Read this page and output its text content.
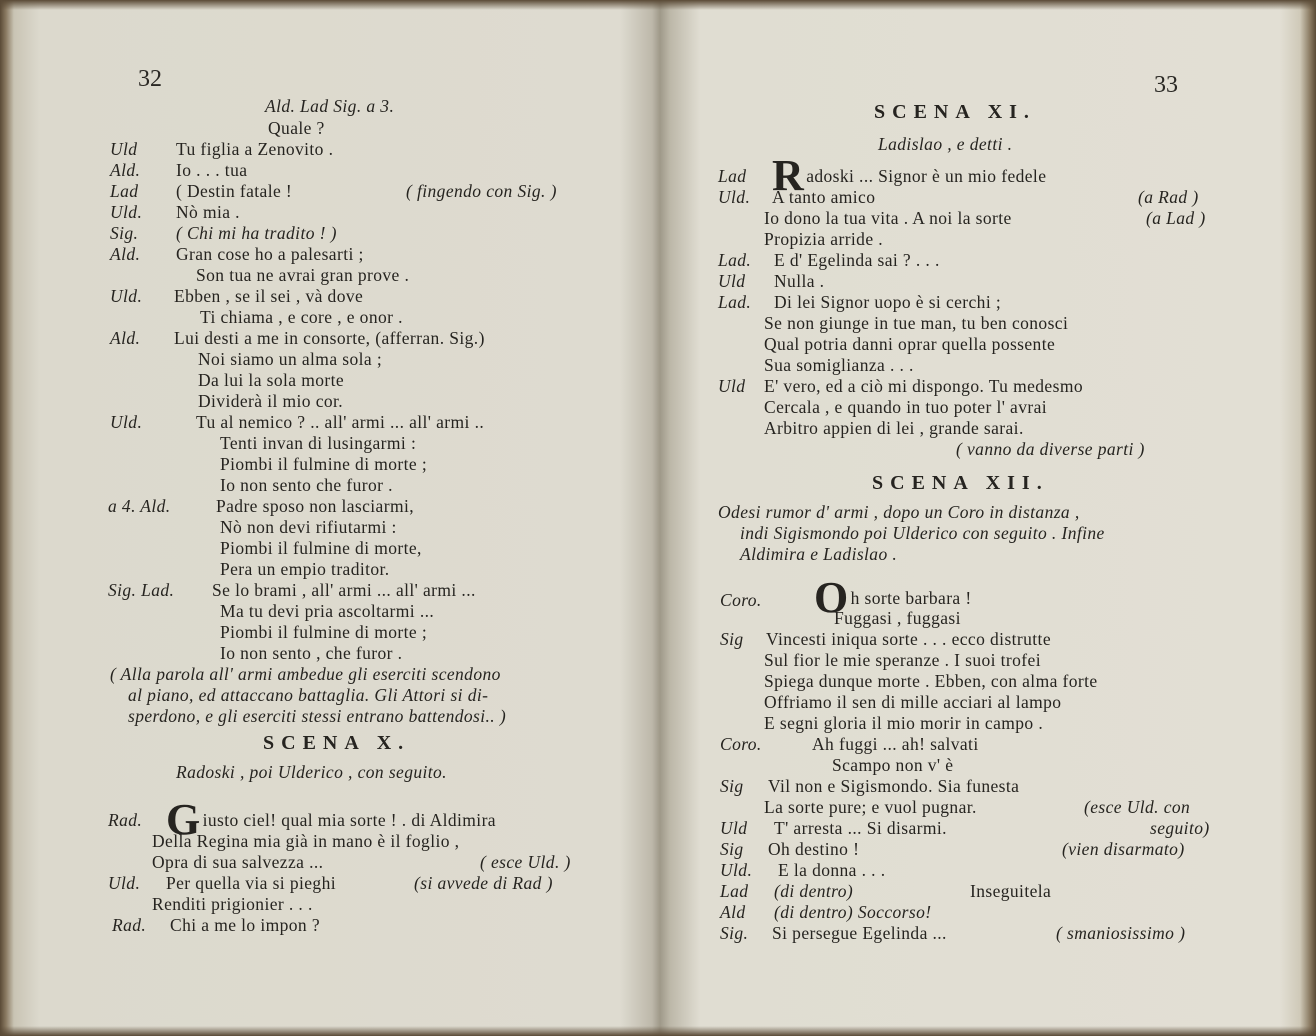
32
Ald. Lad Sig. a 3.
Quale ?
Uld Tu figlia a Zenovito .
Ald. Io . . . tua
Lad ( Destin fatale !	( fingendo con Sig. )
Uld. Nò mia .
Sig. ( Chi mi ha tradito ! )
Ald. Gran cose ho a palesarti ;
Son tua ne avrai gran prove .
Uld. Ebben , se il sei , và dove
Ti chiama , e core , e onor .
Ald. Lui desti a me in consorte, (afferran. Sig.)
Noi siamo un alma sola ;
Da lui la sola morte
Dividerà il mio cor.
Uld.	Tu al nemico ? .. all' armi ... all' armi ..
Tenti invan di lusingarmi :
Piombi il fulmine di morte ;
Io non sento che furor .
a 4. Ald.	Padre sposo non lasciarmi,
Nò non devi rifiutarmi :
Piombi il fulmine di morte,
Pera un empio traditor.
Sig. Lad. Se lo brami , all' armi ... all' armi ...
Ma tu devi pria ascoltarmi ...
Piombi il fulmine di morte ;
Io non sento , che furor .
( Alla parola all' armi ambedue gli eserciti scendono
al piano, ed attaccano battaglia. Gli Attori si di-
sperdono, e gli eserciti stessi entrano battendosi.. )
SCENA X.
Radoski , poi Ulderico , con seguito.
Rad. Giusto ciel! qual mia sorte ! . di Aldimira
Della Regina mia già in mano è il foglio ,
Opra di sua salvezza ...	( esce Uld. )
Uld. Per quella via si pieghi	(si avvede di Rad )
Renditi prigionier . . .
Rad. Chi a me lo impon ?
33
SCENA XI.
Ladislao , e detti .
Lad Radoski ... Signor è un mio fedele
Uld. A tanto amico	(a Rad )
Io dono la tua vita . A noi la sorte	(a Lad )
Propizia arride .
Lad. E d' Egelinda sai ? . . .
Uld Nulla .
Lad. Di lei Signor uopo è si cerchi ;
Se non giunge in tue man, tu ben conosci
Qual potria danni oprar quella possente
Sua somiglianza . . .
Uld E' vero, ed a ciò mi dispongo. Tu medesmo
Cercala , e quando in tuo poter l' avrai
Arbitro appien di lei , grande sarai.
( vanno da diverse parti )
SCENA XII.
Odesi rumor d' armi , dopo un Coro in distanza ,
indi Sigismondo poi Ulderico con seguito . Infine
Aldimira e Ladislao .
Coro. Oh sorte barbara !
Fuggasi , fuggasi
Sig Vincesti iniqua sorte . . . ecco distrutte
Sul fior le mie speranze . I suoi trofei
Spiega dunque morte . Ebben, con alma forte
Offriamo il sen di mille acciari al lampo
E segni gloria il mio morir in campo .
Coro.	Ah fuggi ... ah! salvati
Scampo non v' è
Sig Vil non e Sigismondo. Sia funesta
La sorte pure; e vuol pugnar.	(esce Uld. con
Uld T' arresta ... Si disarmi.	seguito)
Sig Oh destino !	(vien disarmato)
Uld. E la donna . . .
Lad (di dentro)	Inseguitela
Ald (di dentro) Soccorso!
Sig. Si persegue Egelinda ...	( smaniosissimo )
